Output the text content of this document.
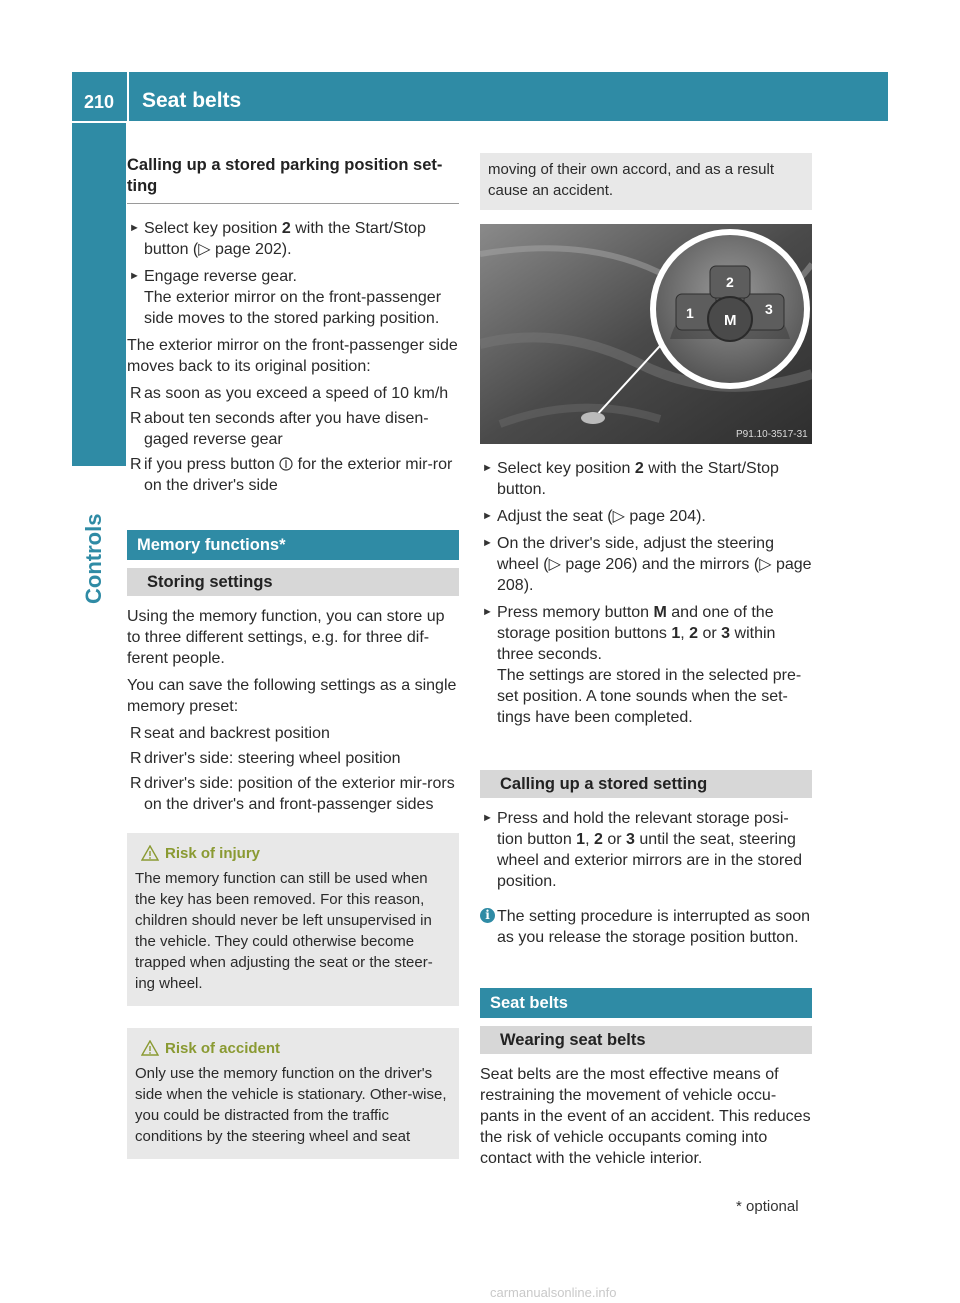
210 Seat belts
Controls
Calling up a stored parking position set-ting
► Select key position 2 with the Start/Stop button (▷ page 202).
► Engage reverse gear.
The exterior mirror on the front-passenger side moves to the stored parking position.
The exterior mirror on the front-passenger side moves back to its original position:
R as soon as you exceed a speed of 10 km/h
R about ten seconds after you have disen-gaged reverse gear
R if you press button  for the exterior mir-ror on the driver's side
Memory functions*
Storing settings
Using the memory function, you can store up to three different settings, e.g. for three dif-ferent people.
You can save the following settings as a single memory preset:
R seat and backrest position
R driver's side: steering wheel position
R driver's side: position of the exterior mir-rors on the driver's and front-passenger sides
Risk of injury
The memory function can still be used when the key has been removed. For this reason, children should never be left unsupervised in the vehicle. They could otherwise become trapped when adjusting the seat or the steer-ing wheel.
Risk of accident
Only use the memory function on the driver's side when the vehicle is stationary. Other-wise, you could be distracted from the traffic conditions by the steering wheel and seat
moving of their own accord, and as a result cause an accident.
1
2
3
M
P91.10-3517-31
► Select key position 2 with the Start/Stop button.
► Adjust the seat (▷ page 204).
► On the driver's side, adjust the steering wheel (▷ page 206) and the mirrors (▷ page 208).
► Press memory button M and one of the storage position buttons 1, 2 or 3 within three seconds.
The settings are stored in the selected pre-set position. A tone sounds when the set-tings have been completed.
Calling up a stored setting
► Press and hold the relevant storage posi-tion button 1, 2 or 3 until the seat, steering wheel and exterior mirrors are in the stored position.
i The setting procedure is interrupted as soon as you release the storage position button.
Seat belts
Wearing seat belts
Seat belts are the most effective means of restraining the movement of vehicle occu-pants in the event of an accident. This reduces the risk of vehicle occupants coming into contact with the vehicle interior.
* optional
carmanualsonline.info
